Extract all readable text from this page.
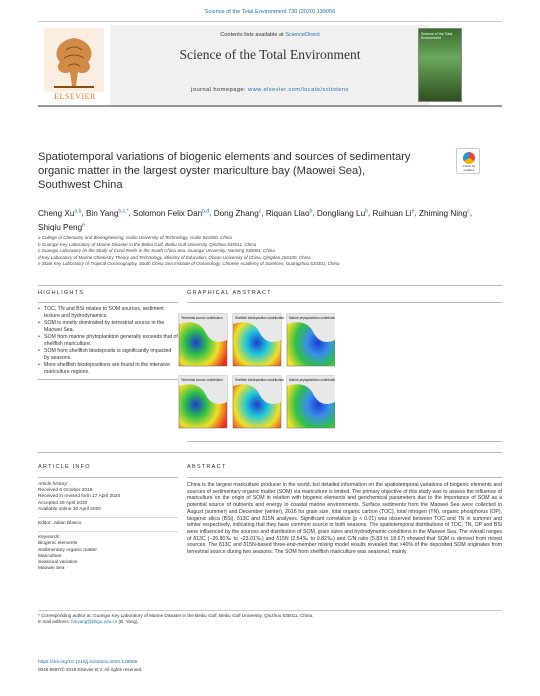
Science of the Total Environment 730 (2020) 139056
ELSEVIER
Contents lists available at ScienceDirect
Science of the Total Environment
journal homepage: www.elsevier.com/locate/scitotenv
Science of the Total Environment
Spatiotemporal variations of biogenic elements and sources of sedimentary organic matter in the largest oyster mariculture bay (Maowei Sea), Southwest China
Check for updates
Cheng Xu$^{a,b}$, Bin Yang$^{b,c,*}$, Solomon Felix Dan$^{b,d}$, Dong Zhang$^c$, Riquan Liao$^b$, Dongliang Lu$^b$, Ruihuan Li$^e$, Zhiming Ning$^c$, Shiqiu Peng$^e$
a College of Chemistry and Bioengineering, Guilin University of Technology, Guilin 541000, China
b Guangxi Key Laboratory of Marine Disaster in the Beibu Gulf, Beibu Gulf University, Qinzhou 535011, China
c Guangxi Laboratory on the Study of Coral Reefs in the South China Sea, Guangxi University, Nanning 530004, China
d Key Laboratory of Marine Chemistry Theory and Technology, Ministry of Education, Ocean University of China, Qingdao 266100, China
e State Key Laboratory of Tropical Oceanography, South China Sea Institute of Oceanology, Chinese Academy of Sciences, Guangzhou 510301, China
HIGHLIGHTS	GRAPHICAL ABSTRACT
• TOC, TN and BSi relates to SOM sources, sediment texture and hydrodynamics.
• SOM is mostly dominated by terrestrial source in the Maowei Sea.
• SOM from marine phytoplankton generally exceeds that of shellfish mariculture.
• SOM from shellfish biodeposits is significantly impacted by seasons.
• More shellfish biodepositions are found in the intensive mariculture regions.
Terrestrial source contribution	Shellfish biodeposition contribution Marine phytoplankton contribution
Terrestrial source contribution	Shellfish biodeposition contribution Marine phytoplankton contribution
ARTICLE INFO	ABSTRACT
Article history:
Received 6 October 2019
Received in revised form 17 April 2020
Accepted 26 April 2020
Available online 30 April 2020
Editor: Julian Blasco
Keywords:
Biogenic elements
Sedimentary organic matter
Mariculture
Seasonal variation
Maowei Sea
China is the largest mariculture producer in the world, but detailed information on the spatiotemporal variations of biogenic elements and sources of sedimentary organic matter (SOM) via mariculture is limited. The primary objective of this study was to assess the influence of mariculture on the origin of SOM in relation with biogenic elements and geochemical parameters due to the importance of SOM as a potential source of nutrients and energy in coastal marine environments. Surface sediments from the Maowei Sea were collected in August (summer) and December (winter), 2016 for grain size, total organic carbon (TOC), total nitrogen (TN), organic phosphorus (OP), biogenic silica (BSi), δ13C and δ15N analyses. Significant correlation (p < 0.01) was observed between TOC and TN in summer and winter respectively, indicating that they have common source in both seasons. The spatiotemporal distributions of TOC, TN, OP and BSi were influenced by the sources and distribution of SOM, grain sizes and hydrodynamic conditions in the Maowei Sea. The overall ranges of δ13C (−26.80‰ to −23.01‰) and δ15N (2.54‰ to 9.82‰) and C/N ratio (5.83 to 18.67) showed that SOM is derived from mixed sources. The δ13C and δ15N-based three-end-member mixing model results revealed that >40% of the deposited SOM originates from terrestrial source during two seasons. The SOM from shellfish mariculture was seasonal, mainly
* Corresponding author at: Guangxi Key Laboratory of Marine Disaster in the Beibu Gulf, Beibu Gulf University, Qinzhou 535011, China.
E-mail address: binyang@bbgu.edu.cn (B. Yang).
https://doi.org/10.1016/j.scitotenv.2020.139056
0048-9697/© 2018 Elsevier B.V. All rights reserved.
